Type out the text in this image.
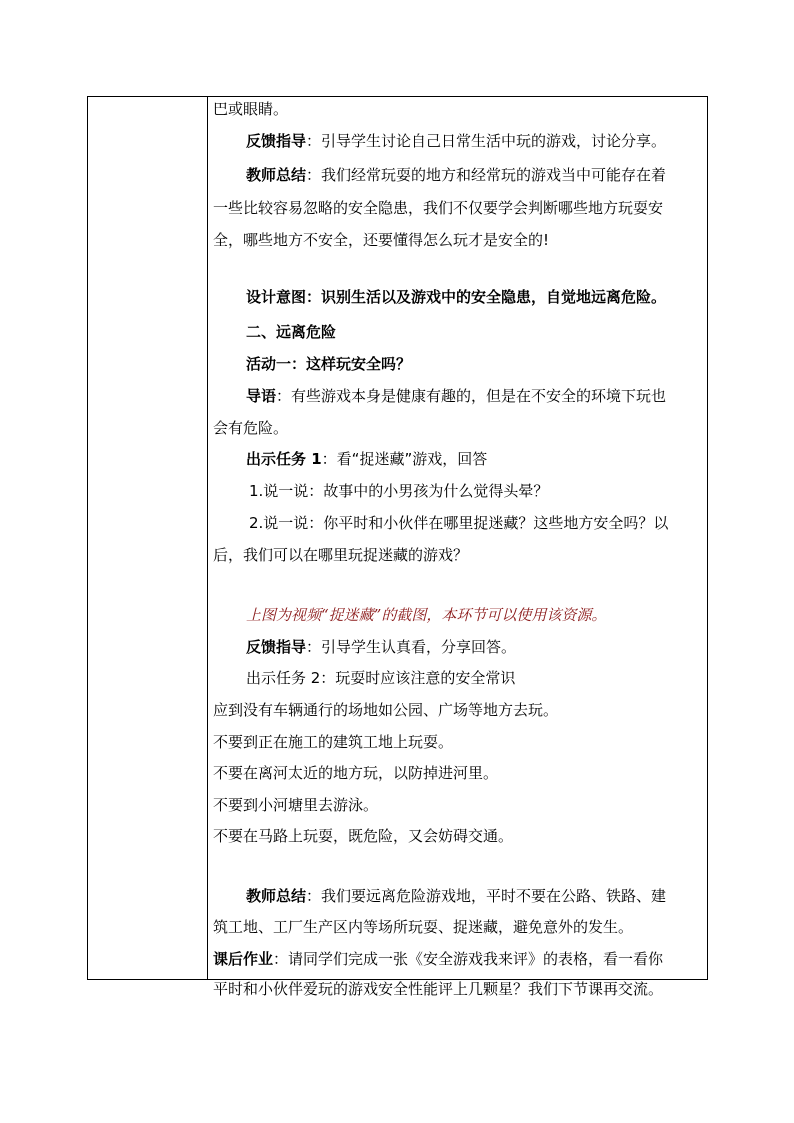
巴或眼睛。
反馈指导：引导学生讨论自己日常生活中玩的游戏，讨论分享。
教师总结：我们经常玩耍的地方和经常玩的游戏当中可能存在着
一些比较容易忽略的安全隐患，我们不仅要学会判断哪些地方玩耍安
全，哪些地方不安全，还要懂得怎么玩才是安全的!
设计意图：识别生活以及游戏中的安全隐患，自觉地远离危险。
二、远离危险
活动一：这样玩安全吗？
导语：有些游戏本身是健康有趣的，但是在不安全的环境下玩也
会有危险。
出示任务 1：看“捉迷藏”游戏，回答
1.说一说：故事中的小男孩为什么觉得头晕？
2.说一说：你平时和小伙伴在哪里捉迷藏？这些地方安全吗？以
后，我们可以在哪里玩捉迷藏的游戏？
上图为视频“捉迷藏”的截图，本环节可以使用该资源。
反馈指导：引导学生认真看，分享回答。
出示任务 2：玩耍时应该注意的安全常识
应到没有车辆通行的场地如公园、广场等地方去玩。
不要到正在施工的建筑工地上玩耍。
不要在离河太近的地方玩，以防掉进河里。
不要到小河塘里去游泳。
不要在马路上玩耍，既危险，又会妨碍交通。
教师总结：我们要远离危险游戏地，平时不要在公路、铁路、建
筑工地、工厂生产区内等场所玩耍、捉迷藏，避免意外的发生。
课后作业：请同学们完成一张《安全游戏我来评》的表格，看一看你
平时和小伙伴爱玩的游戏安全性能评上几颗星？我们下节课再交流。
